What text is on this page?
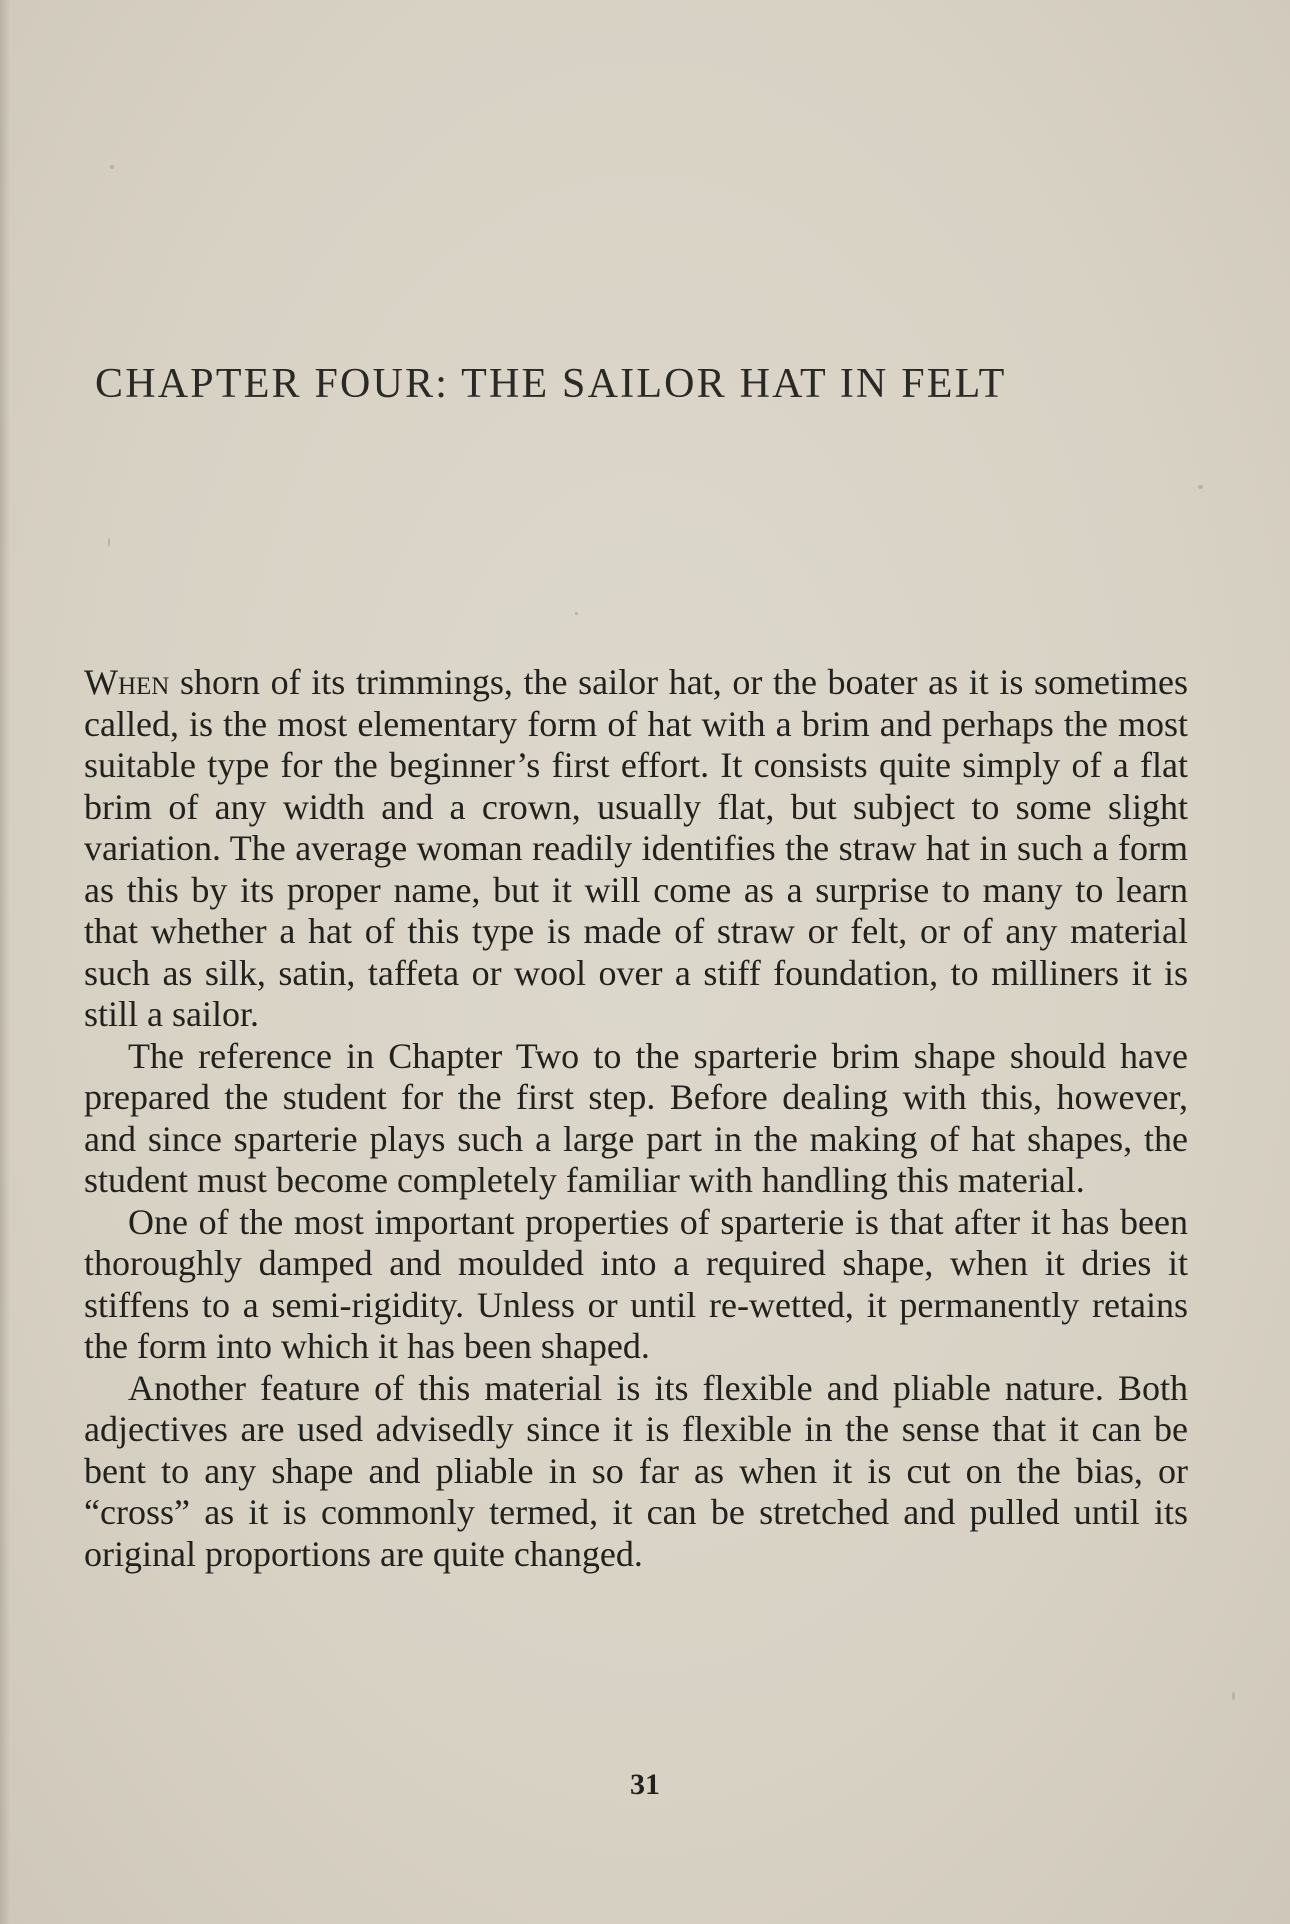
CHAPTER FOUR: THE SAILOR HAT IN FELT

When shorn of its trimmings, the sailor hat, or the boater as it is sometimes called, is the most elementary form of hat with a brim and perhaps the most suitable type for the beginner’s first effort. It consists quite simply of a flat brim of any width and a crown, usually flat, but subject to some slight variation. The average woman readily identifies the straw hat in such a form as this by its proper name, but it will come as a surprise to many to learn that whether a hat of this type is made of straw or felt, or of any material such as silk, satin, taffeta or wool over a stiff foundation, to milliners it is still a sailor.

The reference in Chapter Two to the sparterie brim shape should have prepared the student for the first step. Before dealing with this, however, and since sparterie plays such a large part in the making of hat shapes, the student must become completely familiar with handling this material.

One of the most important properties of sparterie is that after it has been thoroughly damped and moulded into a required shape, when it dries it stiffens to a semi-rigidity. Unless or until re-wetted, it permanently retains the form into which it has been shaped.

Another feature of this material is its flexible and pliable nature. Both adjectives are used advisedly since it is flexible in the sense that it can be bent to any shape and pliable in so far as when it is cut on the bias, or “cross” as it is commonly termed, it can be stretched and pulled until its original proportions are quite changed.

31
